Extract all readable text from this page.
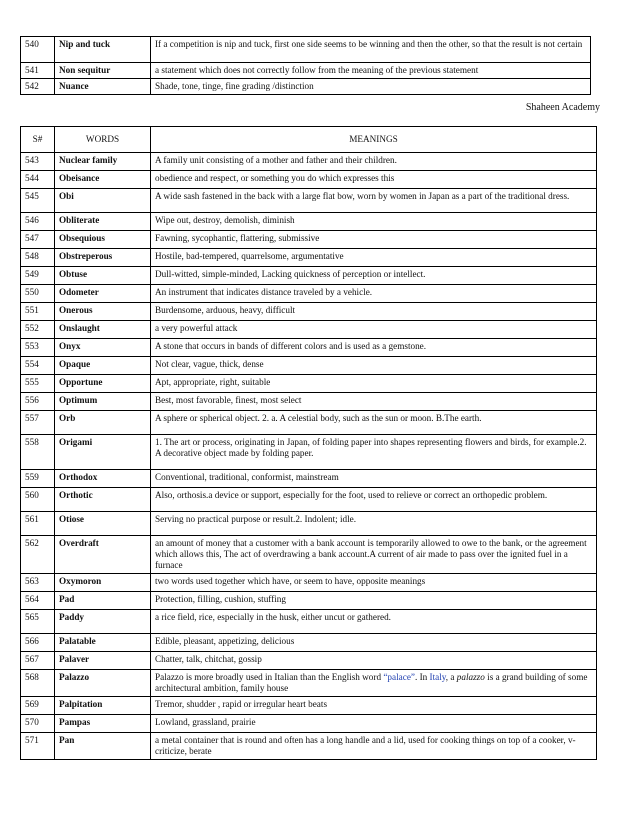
540	Nip and tuck	If a competition is nip and tuck, first one side seems to be winning and then the other, so that the result is not certain
541	Non sequitur	a statement which does not correctly follow from the meaning of the previous statement
542	Nuance	Shade, tone, tinge, fine grading /distinction
Shaheen Academy
S#	WORDS	MEANINGS
543	Nuclear family	A family unit consisting of a mother and father and their children.
544	Obeisance	obedience and respect, or something you do which expresses this
545	Obi	A wide sash fastened in the back with a large flat bow, worn by women in Japan as a part of the traditional dress.
546	Obliterate	Wipe out, destroy, demolish, diminish
547	Obsequious	Fawning, sycophantic, flattering, submissive
548	Obstreperous	Hostile, bad-tempered, quarrelsome, argumentative
549	Obtuse	Dull-witted, simple-minded, Lacking quickness of perception or intellect.
550	Odometer	An instrument that indicates distance traveled by a vehicle.
551	Onerous	Burdensome, arduous, heavy, difficult
552	Onslaught	a very powerful attack
553	Onyx	A stone that occurs in bands of different colors and is used as a gemstone.
554	Opaque	Not clear, vague, thick, dense
555	Opportune	Apt, appropriate, right, suitable
556	Optimum	Best, most favorable, finest, most select
557	Orb	A sphere or spherical object. 2. a. A celestial body, such as the sun or moon. B.The earth.
558	Origami	1. The art or process, originating in Japan, of folding paper into shapes representing flowers and birds, for example.2. A decorative object made by folding paper.
559	Orthodox	Conventional, traditional, conformist, mainstream
560	Orthotic	Also, orthosis.a device or support, especially for the foot, used to relieve or correct an orthopedic problem.
561	Otiose	Serving no practical purpose or result.2. Indolent; idle.
562	Overdraft	an amount of money that a customer with a bank account is temporarily allowed to owe to the bank, or the agreement which allows this, The act of overdrawing a bank account.A current of air made to pass over the ignited fuel in a furnace
563	Oxymoron	two words used together which have, or seem to have, opposite meanings
564	Pad	Protection, filling, cushion, stuffing
565	Paddy	a rice field, rice, especially in the husk, either uncut or gathered.
566	Palatable	Edible, pleasant, appetizing, delicious
567	Palaver	Chatter, talk, chitchat, gossip
568	Palazzo	Palazzo is more broadly used in Italian than the English word “palace”. In Italy, a palazzo is a grand building of some architectural ambition, family house
569	Palpitation	Tremor, shudder , rapid or irregular heart beats
570	Pampas	Lowland, grassland, prairie
571	Pan	a metal container that is round and often has a long handle and a lid, used for cooking things on top of a cooker, v- criticize, berate
